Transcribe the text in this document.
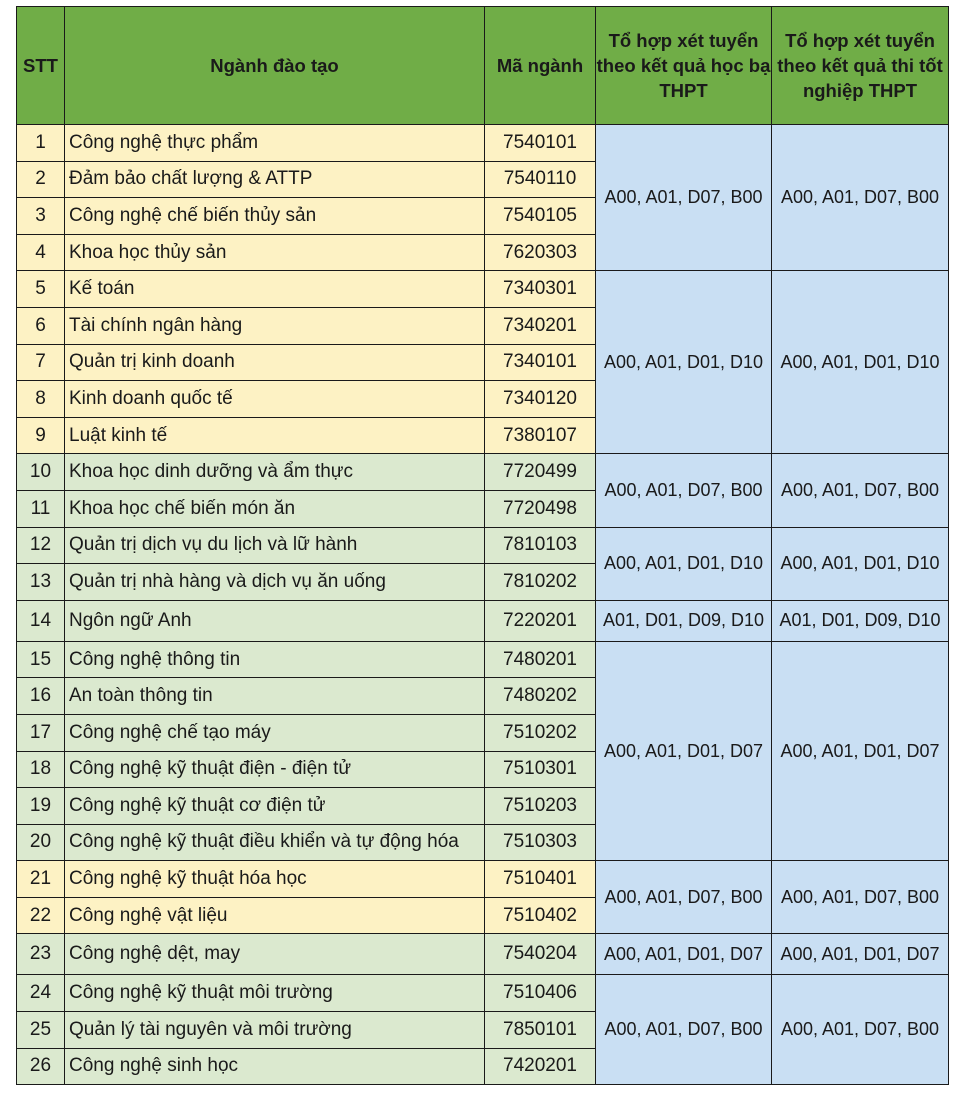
STT	Ngành đào tạo	Mã ngành	Tổ hợp xét tuyển theo kết quả học bạ THPT	Tổ hợp xét tuyển theo kết quả thi tốt nghiệp THPT
1	Công nghệ thực phẩm	7540101	A00, A01, D07, B00	A00, A01, D07, B00
2	Đảm bảo chất lượng & ATTP	7540110		
3	Công nghệ chế biến thủy sản	7540105		
4	Khoa học thủy sản	7620303		
5	Kế toán	7340301	A00, A01, D01, D10	A00, A01, D01, D10
6	Tài chính ngân hàng	7340201		
7	Quản trị kinh doanh	7340101		
8	Kinh doanh quốc tế	7340120		
9	Luật kinh tế	7380107		
10	Khoa học dinh dưỡng và ẩm thực	7720499	A00, A01, D07, B00	A00, A01, D07, B00
11	Khoa học chế biến món ăn	7720498		
12	Quản trị dịch vụ du lịch và lữ hành	7810103	A00, A01, D01, D10	A00, A01, D01, D10
13	Quản trị nhà hàng và dịch vụ ăn uống	7810202		
14	Ngôn ngữ Anh	7220201	A01, D01, D09, D10	A01, D01, D09, D10
15	Công nghệ thông tin	7480201	A00, A01, D01, D07	A00, A01, D01, D07
16	An toàn thông tin	7480202		
17	Công nghệ chế tạo máy	7510202		
18	Công nghệ kỹ thuật điện - điện tử	7510301		
19	Công nghệ kỹ thuật cơ điện tử	7510203		
20	Công nghệ kỹ thuật điều khiển và tự động hóa	7510303		
21	Công nghệ kỹ thuật hóa học	7510401	A00, A01, D07, B00	A00, A01, D07, B00
22	Công nghệ vật liệu	7510402		
23	Công nghệ dệt, may	7540204	A00, A01, D01, D07	A00, A01, D01, D07
24	Công nghệ kỹ thuật môi trường	7510406	A00, A01, D07, B00	A00, A01, D07, B00
25	Quản lý tài nguyên và môi trường	7850101		
26	Công nghệ sinh học	7420201		
